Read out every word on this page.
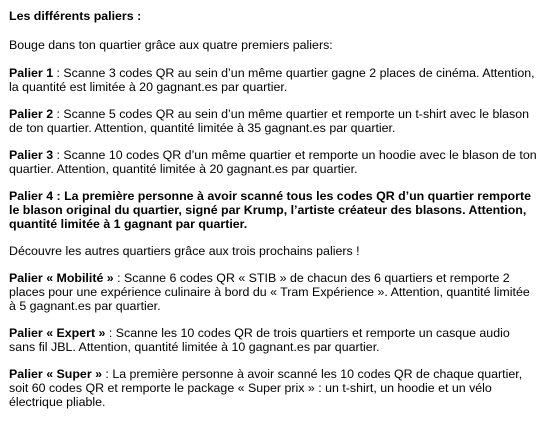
Les différents paliers :
Bouge dans ton quartier grâce aux quatre premiers paliers:
Palier 1 : Scanne 3 codes QR au sein d’un même quartier gagne 2 places de cinéma. Attention, la quantité est limitée à 20 gagnant.es par quartier.
Palier 2 : Scanne 5 codes QR au sein d’un même quartier et remporte un t-shirt avec le blason de ton quartier. Attention, quantité limitée à 35 gagnant.es par quartier.
Palier 3 : Scanne 10 codes QR d’un même quartier et remporte un hoodie avec le blason de ton quartier. Attention, quantité limitée à 20 gagnant.es par quartier.
Palier 4 : La première personne à avoir scanné tous les codes QR d’un quartier remporte le blason original du quartier, signé par Krump, l’artiste créateur des blasons. Attention, quantité limitée à 1 gagnant par quartier.
Découvre les autres quartiers grâce aux trois prochains paliers !
Palier « Mobilité » : Scanne 6 codes QR « STIB » de chacun des 6 quartiers et remporte 2 places pour une expérience culinaire à bord du « Tram Expérience ». Attention, quantité limitée à 5 gagnant.es par quartier.
Palier « Expert » : Scanne les 10 codes QR de trois quartiers et remporte un casque audio sans fil JBL. Attention, quantité limitée à 10 gagnant.es par quartier.
Palier « Super » : La première personne à avoir scanné les 10 codes QR de chaque quartier, soit 60 codes QR et remporte le package « Super prix » : un t-shirt, un hoodie et un vélo électrique pliable.
